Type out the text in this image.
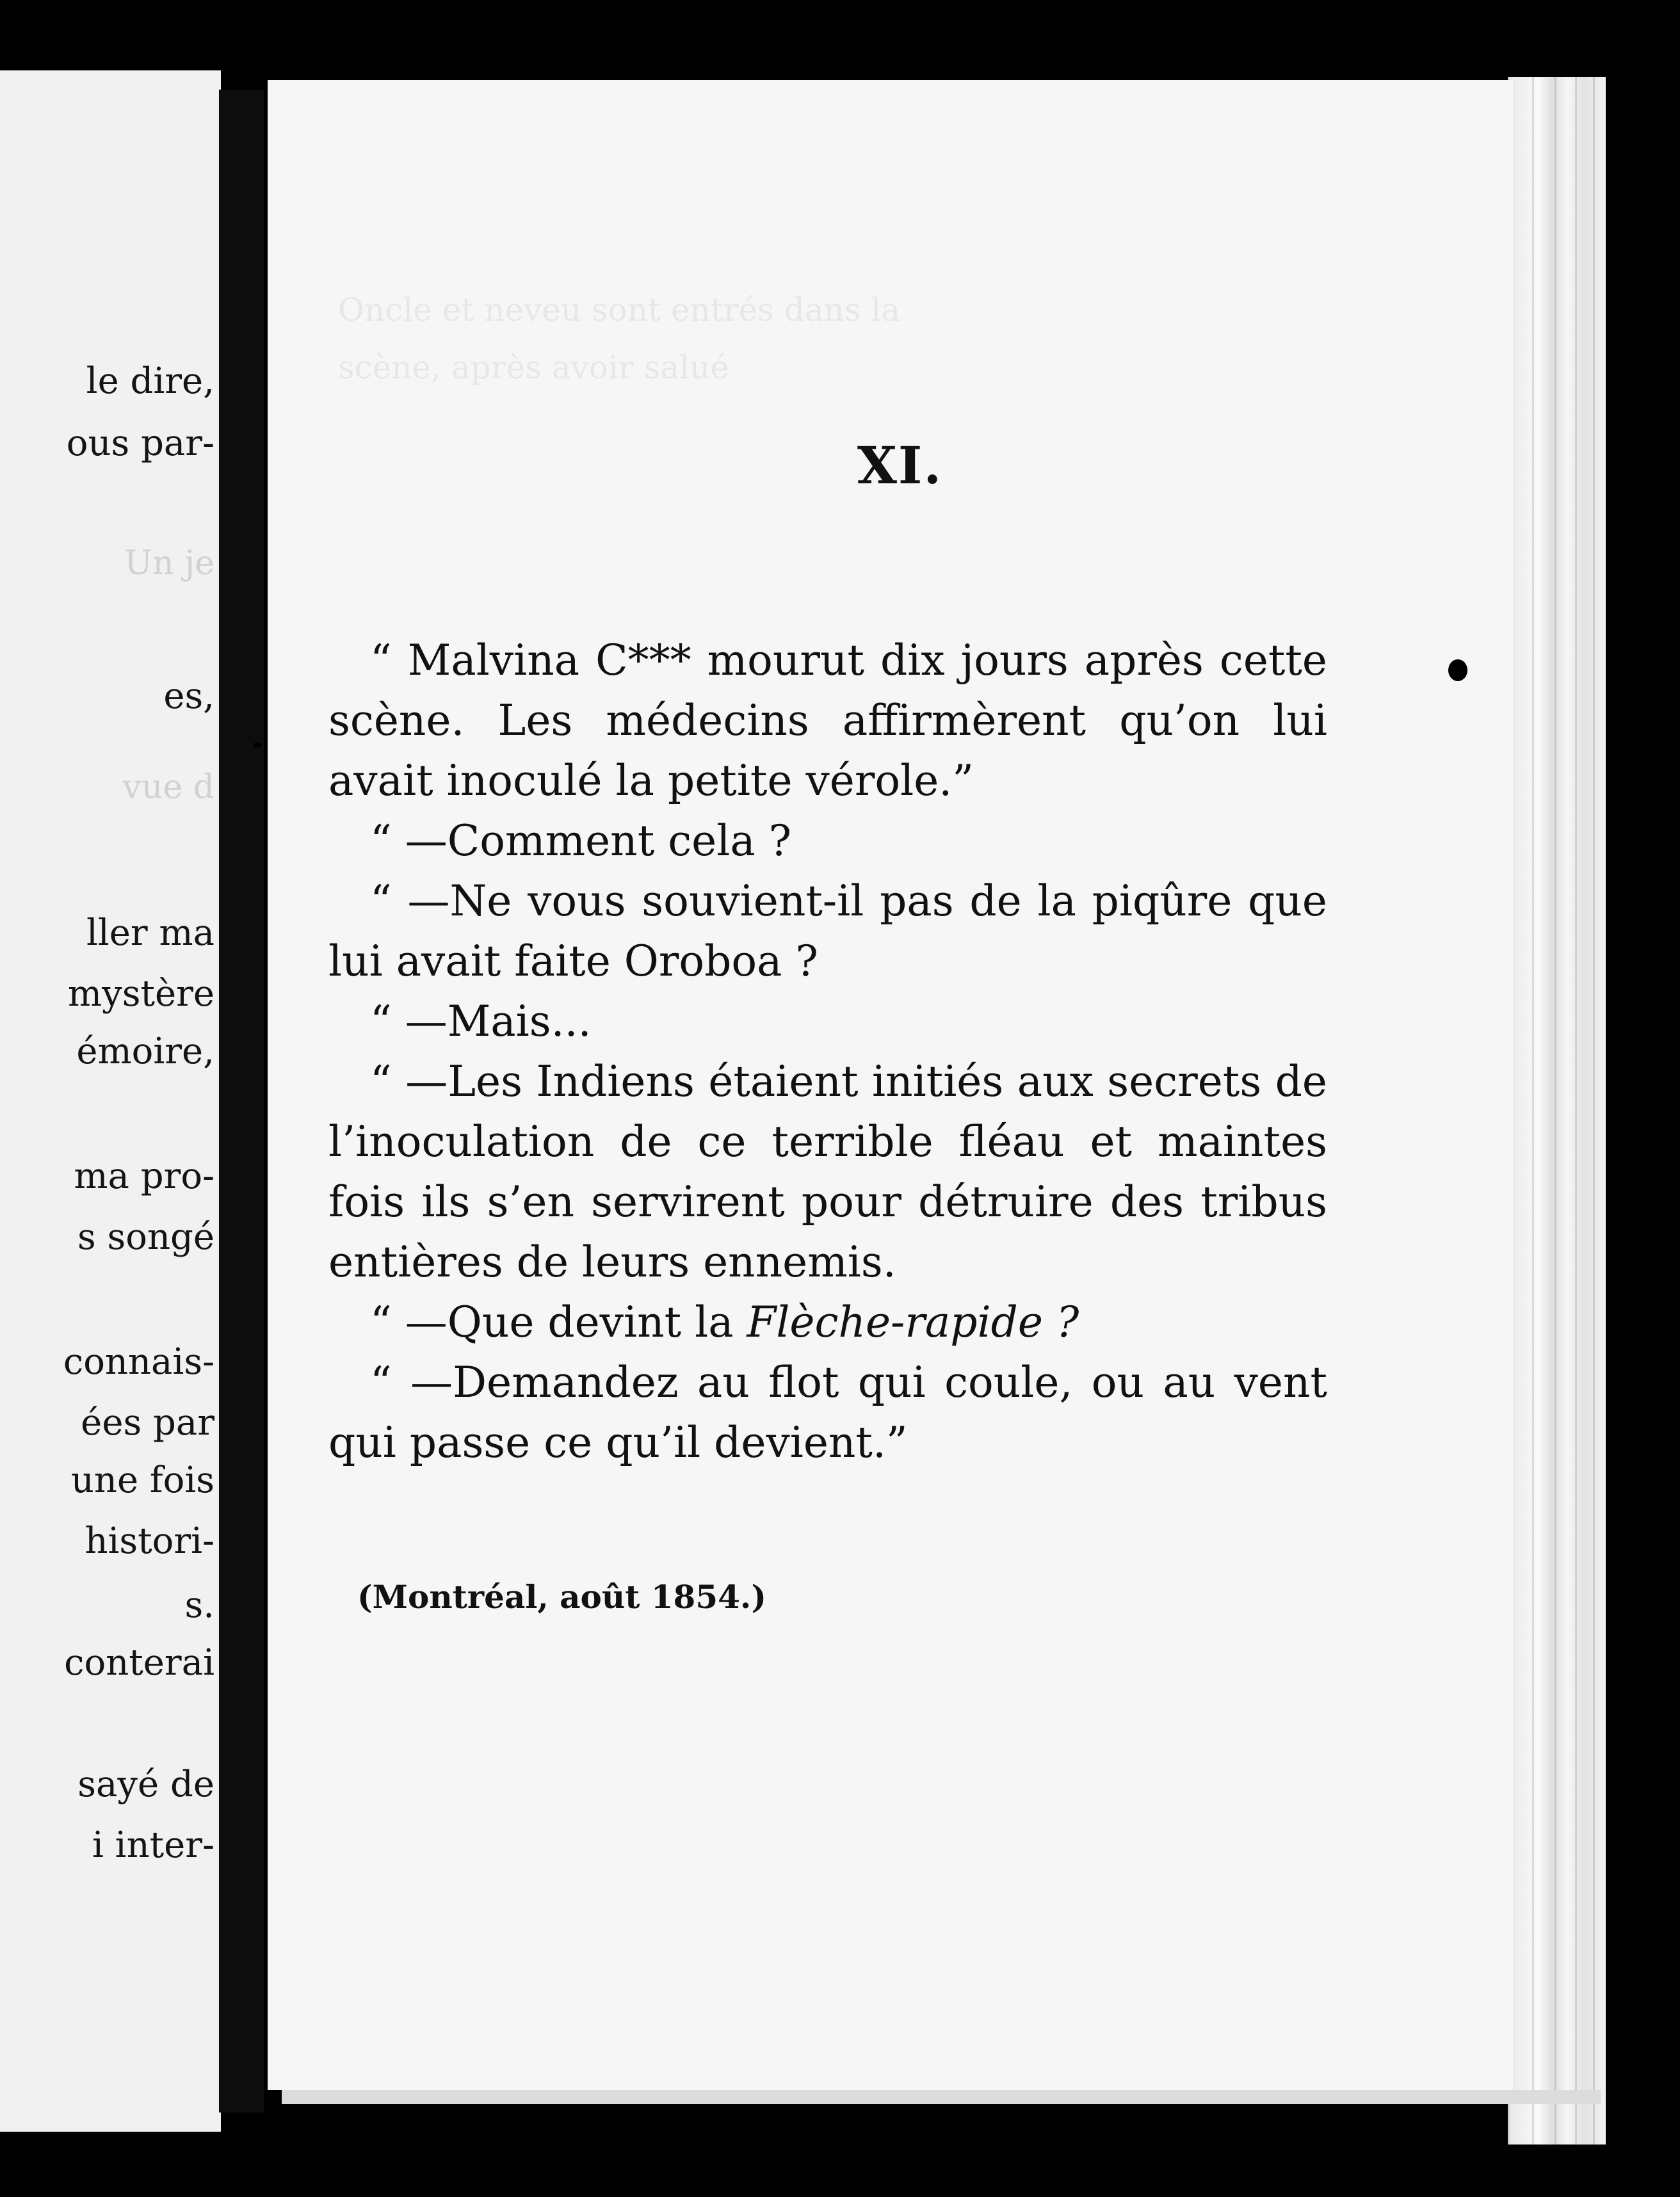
le dire,
ous par-
es,
ller ma
mystère
émoire,
ma pro-
s songé
connais-
ées par
une fois
histori-
s.
conterai
sayé de
i inter-
Un je
vue d
Oncle et neveu sont entrés dans la
scène, après avoir salué
XI.

“ Malvina C*** mourut dix jours après cette scène. Les médecins affirmèrent qu’on lui avait inoculé la petite vérole.”

“ —Comment cela ?

“ —Ne vous souvient-il pas de la piqûre que lui avait faite Oroboa ?

“ —Mais...

“ —Les Indiens étaient initiés aux secrets de l’inoculation de ce terrible fléau et maintes fois ils s’en servirent pour détruire des tribus entières de leurs ennemis.

“ —Que devint la Flèche-rapide ?

“ —Demandez au flot qui coule, ou au vent qui passe ce qu’il devient.”

(Montréal, août 1854.)
